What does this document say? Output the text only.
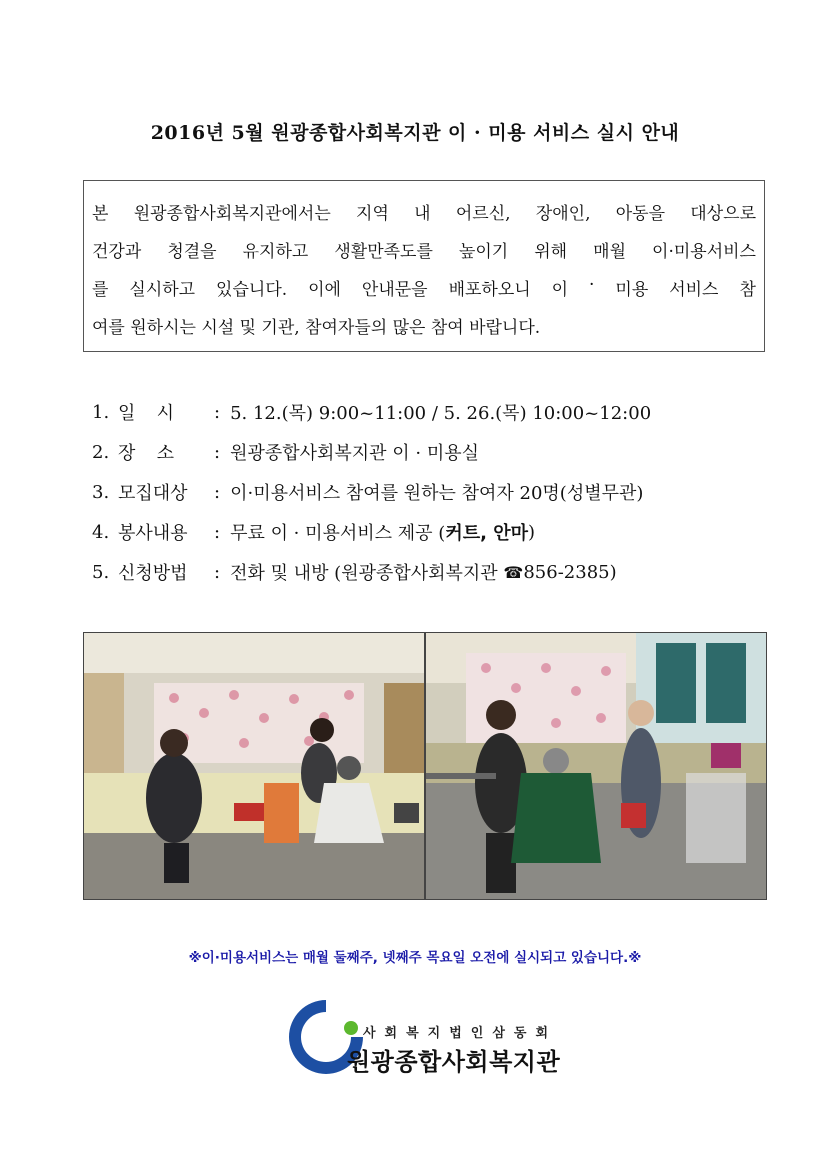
2016년 5월 원광종합사회복지관 이 · 미용 서비스 실시 안내
본 원광종합사회복지관에서는 지역 내 어르신, 장애인, 아동을 대상으로
건강과 청결을 유지하고 생활만족도를 높이기 위해 매월 이·미용서비스
를 실시하고 있습니다. 이에 안내문을 배포하오니 이 · 미용 서비스 참
여를 원하시는 시설 및 기관, 참여자들의 많은 참여 바랍니다.
1. 일 시 : 5. 12.(목) 9:00~11:00 / 5. 26.(목) 10:00~12:00
2. 장 소 : 원광종합사회복지관 이 · 미용실
3. 모집대상	: 이·미용서비스 참여를 원하는 참여자 20명(성별무관)
4. 봉사내용	: 무료 이 · 미용서비스 제공 ( 커트, 안마 )
5. 신청방법	: 전화 및 내방 (원광종합사회복지관 ☎ 856-2385 )
※이·미용서비스는 매월 둘째주, 넷째주 목요일 오전에 실시되고 있습니다.※
사회복지법인삼동회
원광종합사회복지관
